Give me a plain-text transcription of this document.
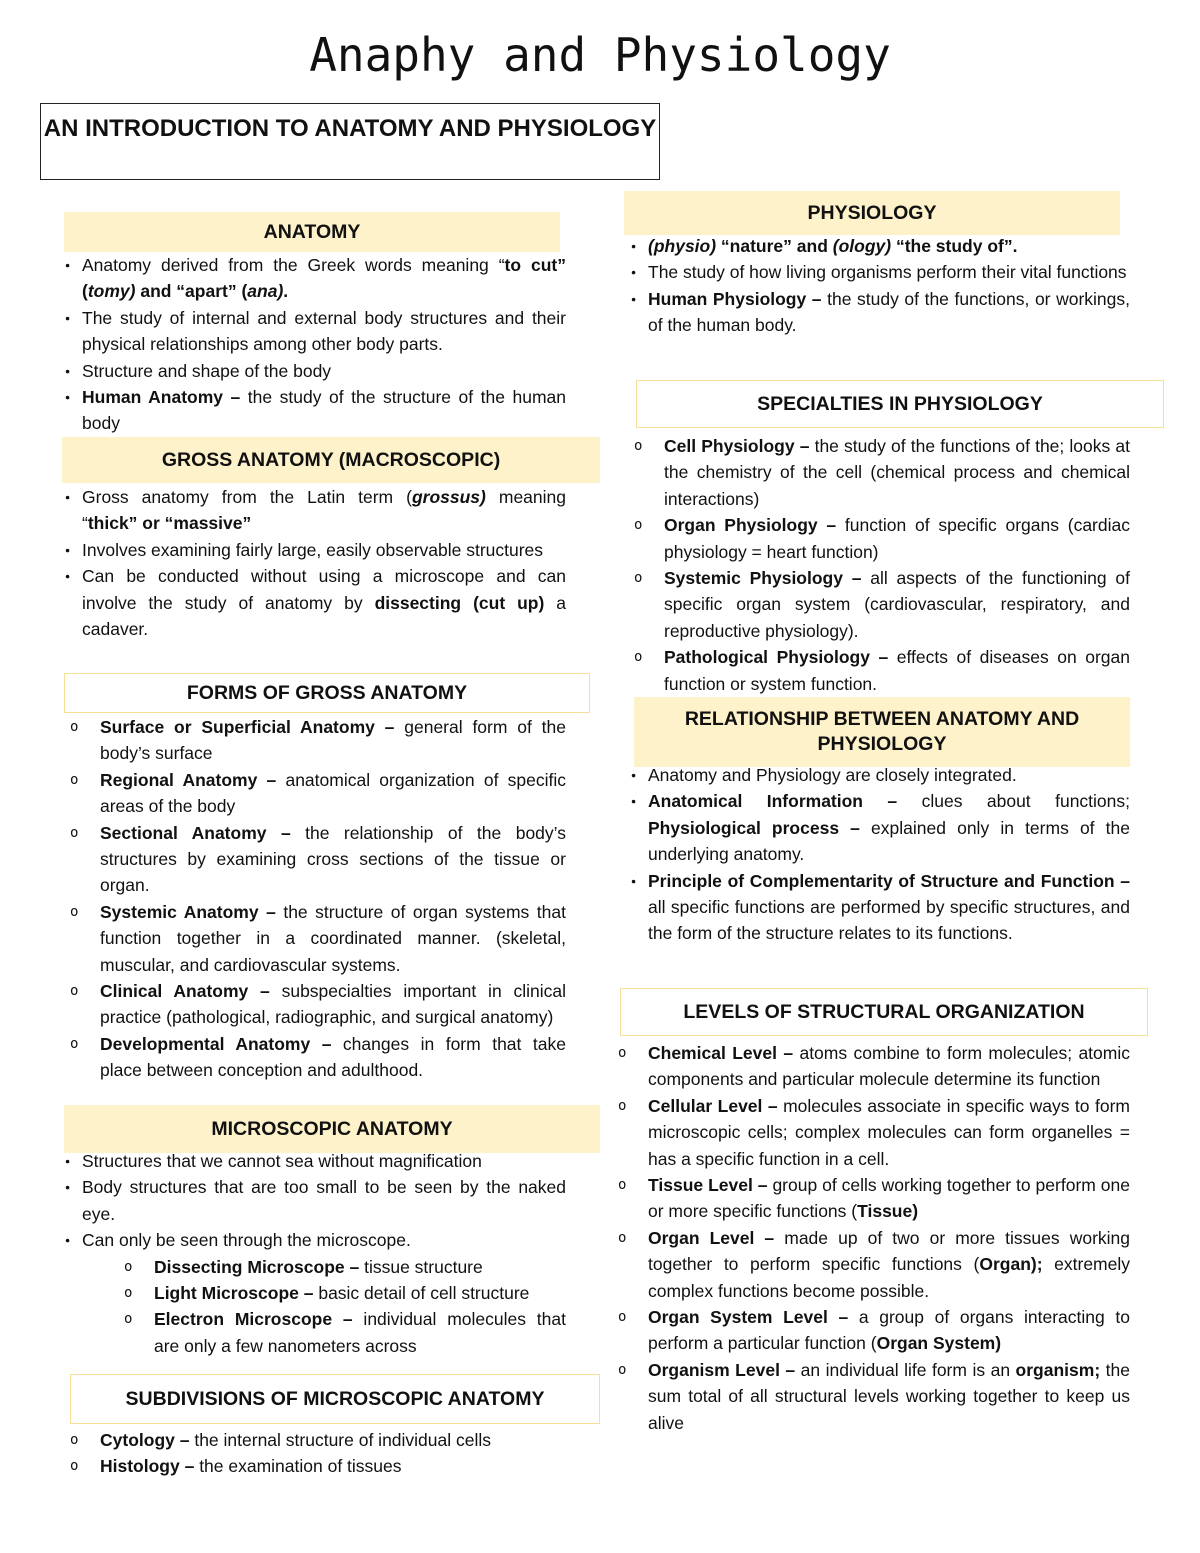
Anaphy and Physiology
AN INTRODUCTION TO ANATOMY AND PHYSIOLOGY
ANATOMY

● Anatomy derived from the Greek words meaning “to cut” (tomy) and “apart” (ana).

● The study of internal and external body structures and their physical relationships among other body parts.

● Structure and shape of the body

● Human Anatomy – the study of the structure of the human body

GROSS ANATOMY (MACROSCOPIC)

● Gross anatomy from the Latin term (grossus) meaning “thick” or “massive”

● Involves examining fairly large, easily observable structures

● Can be conducted without using a microscope and can involve the study of anatomy by dissecting (cut up) a cadaver.

FORMS OF GROSS ANATOMY

o Surface or Superficial Anatomy – general form of the body’s surface

o Regional Anatomy – anatomical organization of specific areas of the body

o Sectional Anatomy – the relationship of the body’s structures by examining cross sections of the tissue or organ.

o Systemic Anatomy – the structure of organ systems that function together in a coordinated manner. (skeletal, muscular, and cardiovascular systems.

o Clinical Anatomy – subspecialties important in clinical practice (pathological, radiographic, and surgical anatomy)

o Developmental Anatomy – changes in form that take place between conception and adulthood.

MICROSCOPIC ANATOMY

● Structures that we cannot sea without magnification

● Body structures that are too small to be seen by the naked eye.

● Can only be seen through the microscope.

o Dissecting Microscope – tissue structure

o Light Microscope – basic detail of cell structure

o Electron Microscope – individual molecules that are only a few nanometers across

SUBDIVISIONS OF MICROSCOPIC ANATOMY

o Cytology – the internal structure of individual cells

o Histology – the examination of tissues

PHYSIOLOGY

● (physio) “nature” and (ology) “the study of”.

● The study of how living organisms perform their vital functions

● Human Physiology – the study of the functions, or workings, of the human body.

SPECIALTIES IN PHYSIOLOGY

o Cell Physiology – the study of the functions of the; looks at the chemistry of the cell (chemical process and chemical interactions)

o Organ Physiology – function of specific organs (cardiac physiology = heart function)

o Systemic Physiology – all aspects of the functioning of specific organ system (cardiovascular, respiratory, and reproductive physiology).

o Pathological Physiology – effects of diseases on organ function or system function.

RELATIONSHIP BETWEEN ANATOMY AND PHYSIOLOGY

● Anatomy and Physiology are closely integrated.

● Anatomical Information – clues about functions; Physiological process – explained only in terms of the underlying anatomy.

● Principle of Complementarity of Structure and Function – all specific functions are performed by specific structures, and the form of the structure relates to its functions.

LEVELS OF STRUCTURAL ORGANIZATION

o Chemical Level – atoms combine to form molecules; atomic components and particular molecule determine its function

o Cellular Level – molecules associate in specific ways to form microscopic cells; complex molecules can form organelles = has a specific function in a cell.

o Tissue Level – group of cells working together to perform one or more specific functions (Tissue)

o Organ Level – made up of two or more tissues working together to perform specific functions (Organ); extremely complex functions become possible.

o Organ System Level – a group of organs interacting to perform a particular function (Organ System)

o Organism Level – an individual life form is an organism; the sum total of all structural levels working together to keep us alive
